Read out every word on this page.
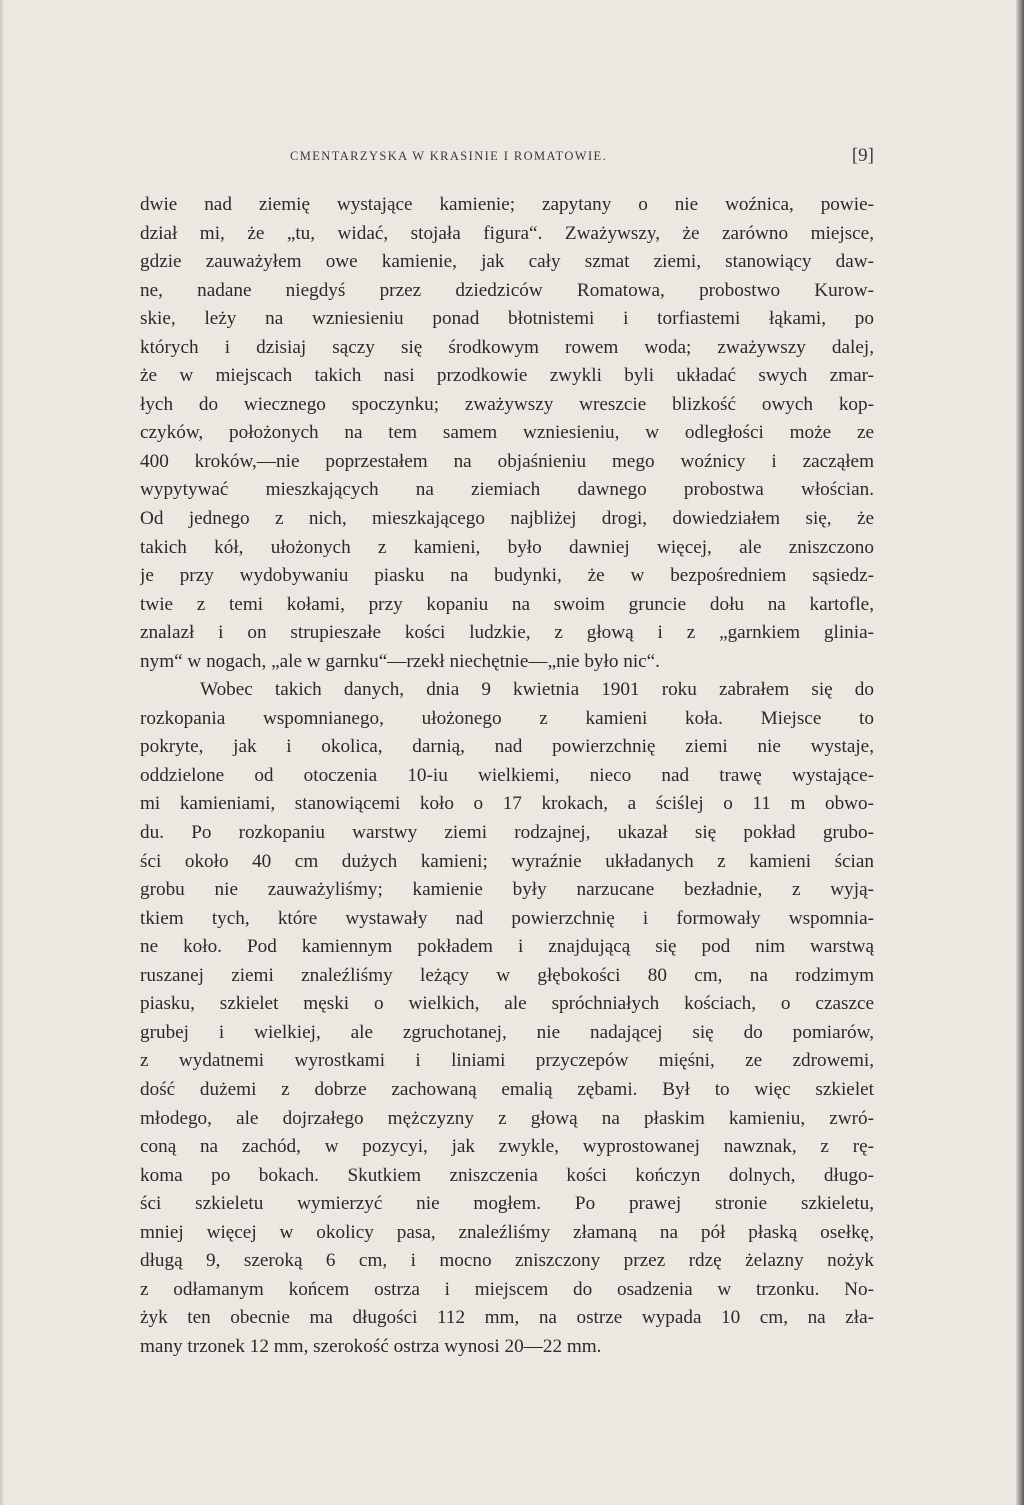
CMENTARZYSKA W KRASINIE I ROMATOWIE.	[9]
dwie nad ziemię wystające kamienie; zapytany o nie woźnica, powie-
dział mi, że „tu, widać, stojała figura“. Zważywszy, że zarówno miejsce,
gdzie zauważyłem owe kamienie, jak cały szmat ziemi, stanowiący daw-
ne, nadane niegdyś przez dziedziców Romatowa, probostwo Kurow-
skie, leży na wzniesieniu ponad błotnistemi i torfiastemi łąkami, po
których i dzisiaj sączy się środkowym rowem woda; zważywszy dalej,
że w miejscach takich nasi przodkowie zwykli byli układać swych zmar-
łych do wiecznego spoczynku; zważywszy wreszcie blizkość owych kop-
czyków, położonych na tem samem wzniesieniu, w odległości może ze
400 kroków,—nie poprzestałem na objaśnieniu mego woźnicy i zacząłem
wypytywać mieszkających na ziemiach dawnego probostwa włościan.
Od jednego z nich, mieszkającego najbliżej drogi, dowiedziałem się, że
takich kół, ułożonych z kamieni, było dawniej więcej, ale zniszczono
je przy wydobywaniu piasku na budynki, że w bezpośredniem sąsiedz-
twie z temi kołami, przy kopaniu na swoim gruncie dołu na kartofle,
znalazł i on strupieszałe kości ludzkie, z głową i z „garnkiem glinia-
nym“ w nogach, „ale w garnku“—rzekł niechętnie—„nie było nic“.
Wobec takich danych, dnia 9 kwietnia 1901 roku zabrałem się do
rozkopania wspomnianego, ułożonego z kamieni koła. Miejsce to
pokryte, jak i okolica, darnią, nad powierzchnię ziemi nie wystaje,
oddzielone od otoczenia 10-iu wielkiemi, nieco nad trawę wystające-
mi kamieniami, stanowiącemi koło o 17 krokach, a ściślej o 11 m obwo-
du. Po rozkopaniu warstwy ziemi rodzajnej, ukazał się pokład grubo-
ści około 40 cm dużych kamieni; wyraźnie układanych z kamieni ścian
grobu nie zauważyliśmy; kamienie były narzucane bezładnie, z wyją-
tkiem tych, które wystawały nad powierzchnię i formowały wspomnia-
ne koło. Pod kamiennym pokładem i znajdującą się pod nim warstwą
ruszanej ziemi znaleźliśmy leżący w głębokości 80 cm, na rodzimym
piasku, szkielet męski o wielkich, ale spróchniałych kościach, o czaszce
grubej i wielkiej, ale zgruchotanej, nie nadającej się do pomiarów,
z wydatnemi wyrostkami i liniami przyczepów mięśni, ze zdrowemi,
dość dużemi z dobrze zachowaną emalią zębami. Był to więc szkielet
młodego, ale dojrzałego mężczyzny z głową na płaskim kamieniu, zwró-
coną na zachód, w pozycyi, jak zwykle, wyprostowanej nawznak, z rę-
koma po bokach. Skutkiem zniszczenia kości kończyn dolnych, długo-
ści szkieletu wymierzyć nie mogłem. Po prawej stronie szkieletu,
mniej więcej w okolicy pasa, znaleźliśmy złamaną na pół płaską osełkę,
długą 9, szeroką 6 cm, i mocno zniszczony przez rdzę żelazny nożyk
z odłamanym końcem ostrza i miejscem do osadzenia w trzonku. No-
żyk ten obecnie ma długości 112 mm, na ostrze wypada 10 cm, na zła-
many trzonek 12 mm, szerokość ostrza wynosi 20—22 mm.
